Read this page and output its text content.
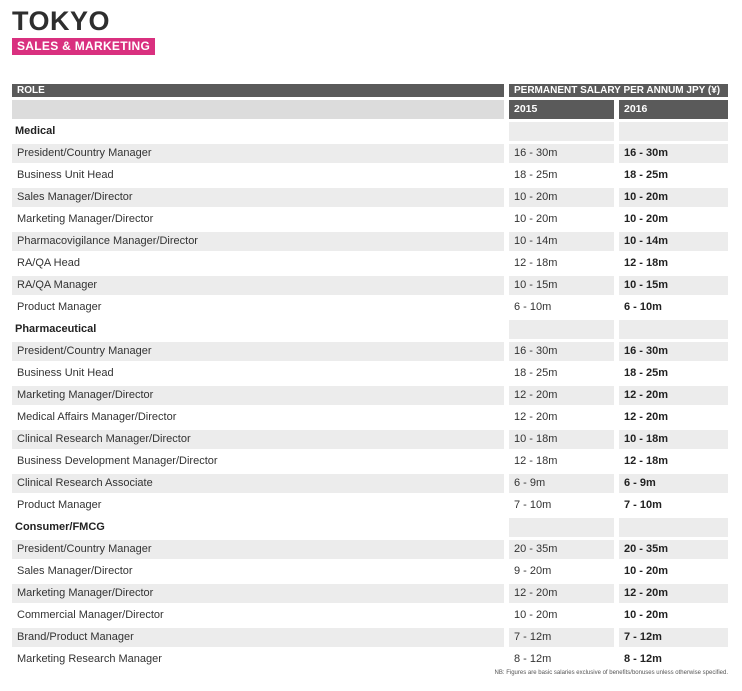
TOKYO
SALES & MARKETING
ROLE	PERMANENT SALARY PER ANNUM JPY (¥)
2015	2016
Medical
President/Country Manager	16 - 30m	16 - 30m
Business Unit Head	18 - 25m	18 - 25m
Sales Manager/Director	10 - 20m	10 - 20m
Marketing Manager/Director	10 - 20m	10 - 20m
Pharmacovigilance Manager/Director	10 - 14m	10 - 14m
RA/QA Head	12 - 18m	12 - 18m
RA/QA Manager	10 - 15m	10 - 15m
Product Manager	6 - 10m	6 - 10m
Pharmaceutical
President/Country Manager	16 - 30m	16 - 30m
Business Unit Head	18 - 25m	18 - 25m
Marketing Manager/Director	12 - 20m	12 - 20m
Medical Affairs Manager/Director	12 - 20m	12 - 20m
Clinical Research Manager/Director	10 - 18m	10 - 18m
Business Development Manager/Director	12 - 18m	12 - 18m
Clinical Research Associate	6 - 9m	6 - 9m
Product Manager	7 - 10m	7 - 10m
Consumer/FMCG
President/Country Manager	20 - 35m	20 - 35m
Sales Manager/Director	9 - 20m	10 - 20m
Marketing Manager/Director	12 - 20m	12 - 20m
Commercial Manager/Director	10 - 20m	10 - 20m
Brand/Product Manager	7 - 12m	7 - 12m
Marketing Research Manager	8 - 12m	8 - 12m
NB: Figures are basic salaries exclusive of benefits/bonuses unless otherwise specified.
